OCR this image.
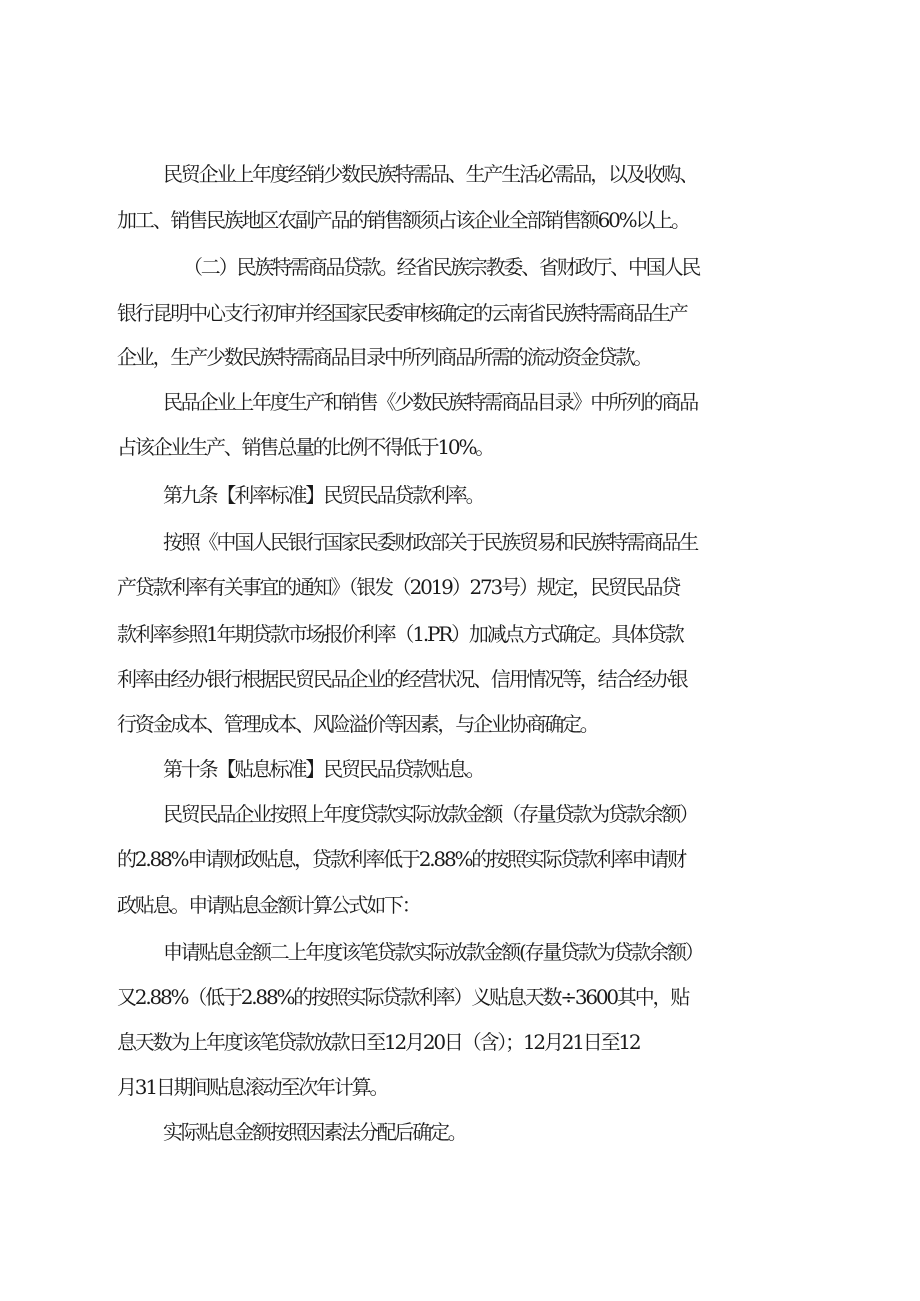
民贸企业上年度经销少数民族特需品、生产生活必需品，以及收购、
加工、销售民族地区农副产品的销售额须占该企业全部销售额60%以上。
（二）民族特需商品贷款。经省民族宗教委、省财政厅、中国人民
银行昆明中心支行初审并经国家民委审核确定的云南省民族特需商品生产
企业，生产少数民族特需商品目录中所列商品所需的流动资金贷款。
民品企业上年度生产和销售《少数民族特需商品目录》中所列的商品
占该企业生产、销售总量的比例不得低于10%。
第九条【利率标准】民贸民品贷款利率。
按照《中国人民银行国家民委财政部关于民族贸易和民族特需商品生
产贷款利率有关事宜的通知》（银发（2019）273号）规定，民贸民品贷
款利率参照1年期贷款市场报价利率（1.PR）加减点方式确定。具体贷款
利率由经办银行根据民贸民品企业的经营状况、信用情况等，结合经办银
行资金成本、管理成本、风险溢价等因素，与企业协商确定。
第十条【贴息标准】民贸民品贷款贴息。
民贸民品企业按照上年度贷款实际放款金额（存量贷款为贷款余额）
的2.88%申请财政贴息，贷款利率低于2.88%的按照实际贷款利率申请财
政贴息。申请贴息金额计算公式如下：
申请贴息金额二上年度该笔贷款实际放款金额(存量贷款为贷款余额）
又2.88%（低于2.88%的按照实际贷款利率）义贴息天数÷3600其中，贴
息天数为上年度该笔贷款放款日至12月20日（含）；12月21日至12
月31日期间贴息滚动至次年计算。
实际贴息金额按照因素法分配后确定。
